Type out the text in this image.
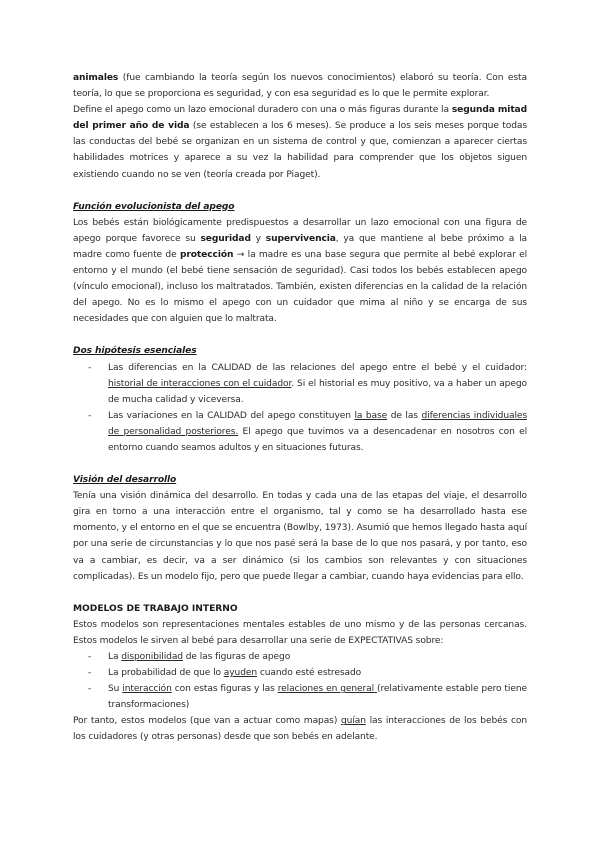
animales (fue cambiando la teoría según los nuevos conocimientos) elaboró su teoría. Con esta teoría, lo que se proporciona es seguridad, y con esa seguridad es lo que le permite explorar.

Define el apego como un lazo emocional duradero con una o más figuras durante la segunda mitad del primer año de vida (se establecen a los 6 meses). Se produce a los seis meses porque todas las conductas del bebé se organizan en un sistema de control y que, comienzan a aparecer ciertas habilidades motrices y aparece a su vez la habilidad para comprender que los objetos siguen existiendo cuando no se ven (teoría creada por Piaget).

Función evolucionista del apego

Los bebés están biológicamente predispuestos a desarrollar un lazo emocional con una figura de apego porque favorece su seguridad y supervivencia, ya que mantiene al bebe próximo a la madre como fuente de protección → la madre es una base segura que permite al bebé explorar el entorno y el mundo (el bebé tiene sensación de seguridad). Casi todos los bebés establecen apego (vínculo emocional), incluso los maltratados. También, existen diferencias en la calidad de la relación del apego. No es lo mismo el apego con un cuidador que mima al niño y se encarga de sus necesidades que con alguien que lo maltrata.

Dos hipótesis esenciales

- Las diferencias en la CALIDAD de las relaciones del apego entre el bebé y el cuidador: historial de interacciones con el cuidador. Si el historial es muy positivo, va a haber un apego de mucha calidad y viceversa.
- Las variaciones en la CALIDAD del apego constituyen la base de las diferencias individuales de personalidad posteriores. El apego que tuvimos va a desencadenar en nosotros con el entorno cuando seamos adultos y en situaciones futuras.

Visión del desarrollo

Tenía una visión dinámica del desarrollo. En todas y cada una de las etapas del viaje, el desarrollo gira en torno a una interacción entre el organismo, tal y como se ha desarrollado hasta ese momento, y el entorno en el que se encuentra (Bowlby, 1973). Asumió que hemos llegado hasta aquí por una serie de circunstancias y lo que nos pasé será la base de lo que nos pasará, y por tanto, eso va a cambiar, es decir, va a ser dinámico (si los cambios son relevantes y con situaciones complicadas). Es un modelo fijo, pero que puede llegar a cambiar, cuando haya evidencias para ello.

MODELOS DE TRABAJO INTERNO

Estos modelos son representaciones mentales estables de uno mismo y de las personas cercanas. Estos modelos le sirven al bebé para desarrollar una serie de EXPECTATIVAS sobre:

- La disponibilidad de las figuras de apego
- La probabilidad de que lo ayuden cuando esté estresado
- Su interacción con estas figuras y las relaciones en general (relativamente estable pero tiene transformaciones)

Por tanto, estos modelos (que van a actuar como mapas) guían las interacciones de los bebés con los cuidadores (y otras personas) desde que son bebés en adelante.
